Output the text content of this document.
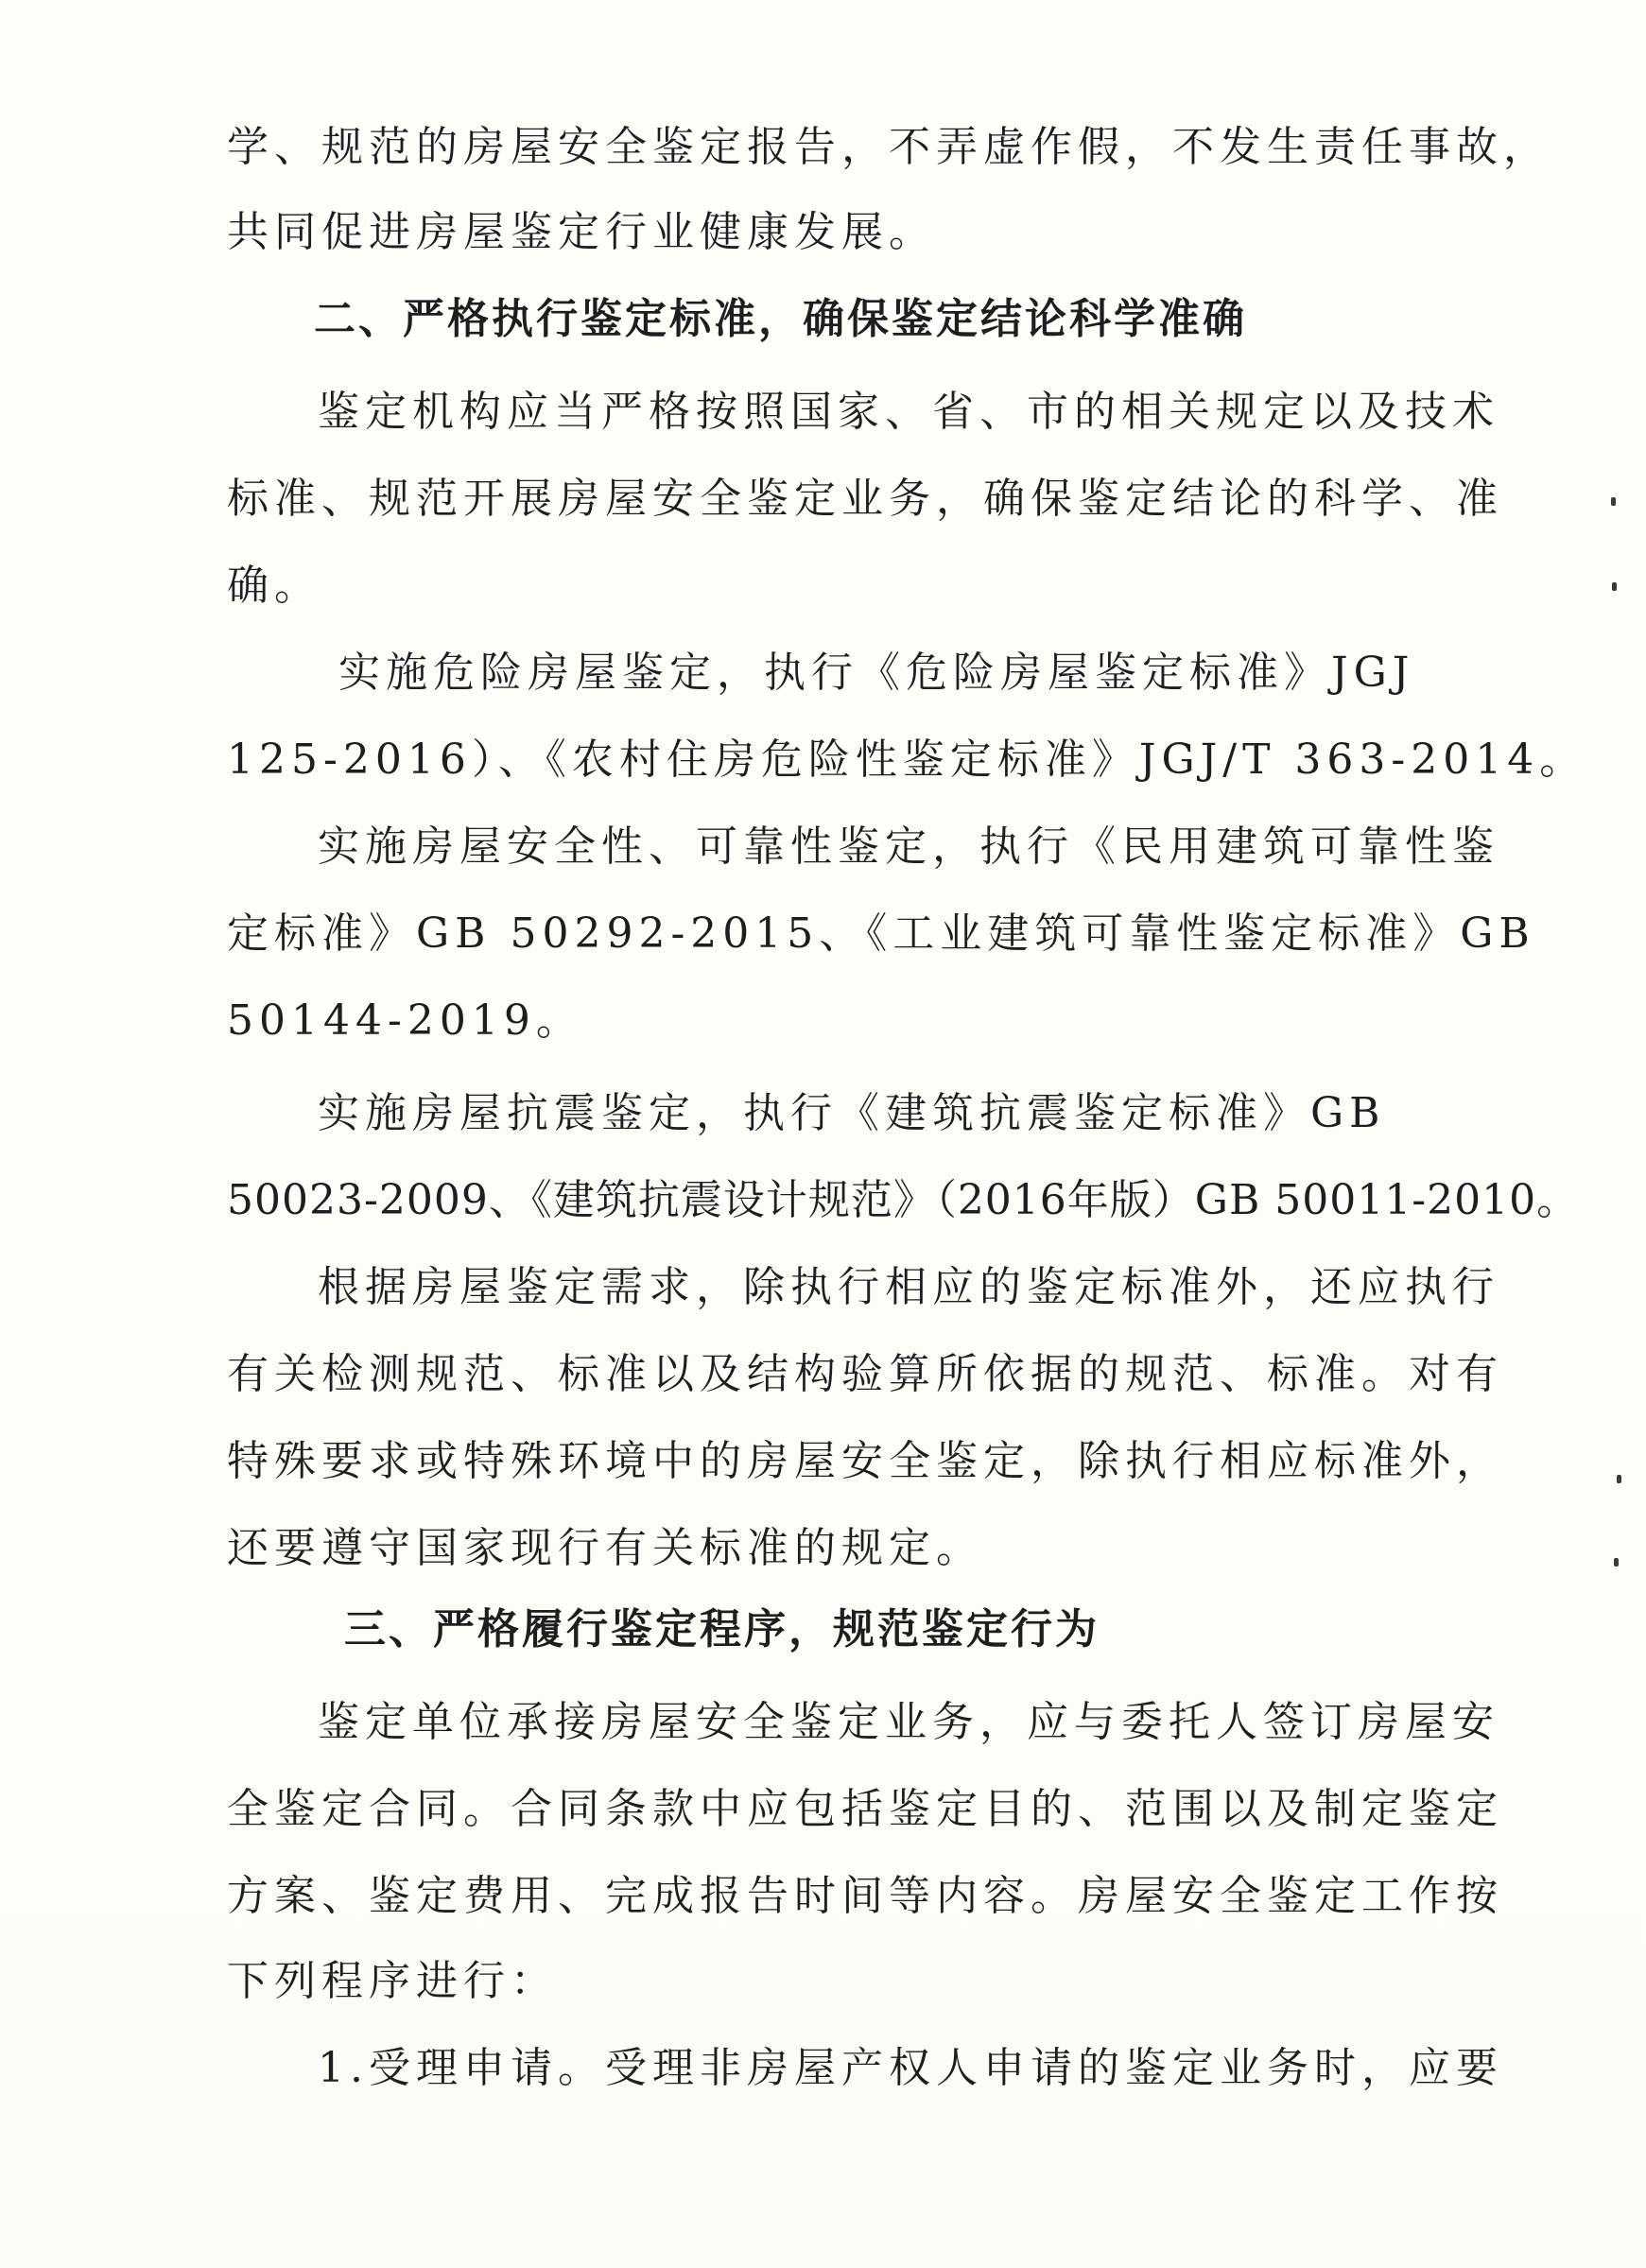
学、规范的房屋安全鉴定报告，不弄虚作假，不发生责任事故，
共同促进房屋鉴定行业健康发展。
二、严格执行鉴定标准，确保鉴定结论科学准确
鉴定机构应当严格按照国家、省、市的相关规定以及技术
标准、规范开展房屋安全鉴定业务，确保鉴定结论的科学、准
确。
实施危险房屋鉴定，执行《危险房屋鉴定标准》JGJ
125-2016）、《农村住房危险性鉴定标准》JGJ/T 363-2014。
实施房屋安全性、可靠性鉴定，执行《民用建筑可靠性鉴
定标准》GB 50292-2015、《工业建筑可靠性鉴定标准》GB
50144-2019。
实施房屋抗震鉴定，执行《建筑抗震鉴定标准》GB
50023-2009、《建筑抗震设计规范》（2016年版）GB 50011-2010。
根据房屋鉴定需求，除执行相应的鉴定标准外，还应执行
有关检测规范、标准以及结构验算所依据的规范、标准。对有
特殊要求或特殊环境中的房屋安全鉴定，除执行相应标准外，
还要遵守国家现行有关标准的规定。
三、严格履行鉴定程序，规范鉴定行为
鉴定单位承接房屋安全鉴定业务，应与委托人签订房屋安
全鉴定合同。合同条款中应包括鉴定目的、范围以及制定鉴定
方案、鉴定费用、完成报告时间等内容。房屋安全鉴定工作按
下列程序进行：
1.受理申请。受理非房屋产权人申请的鉴定业务时，应要
